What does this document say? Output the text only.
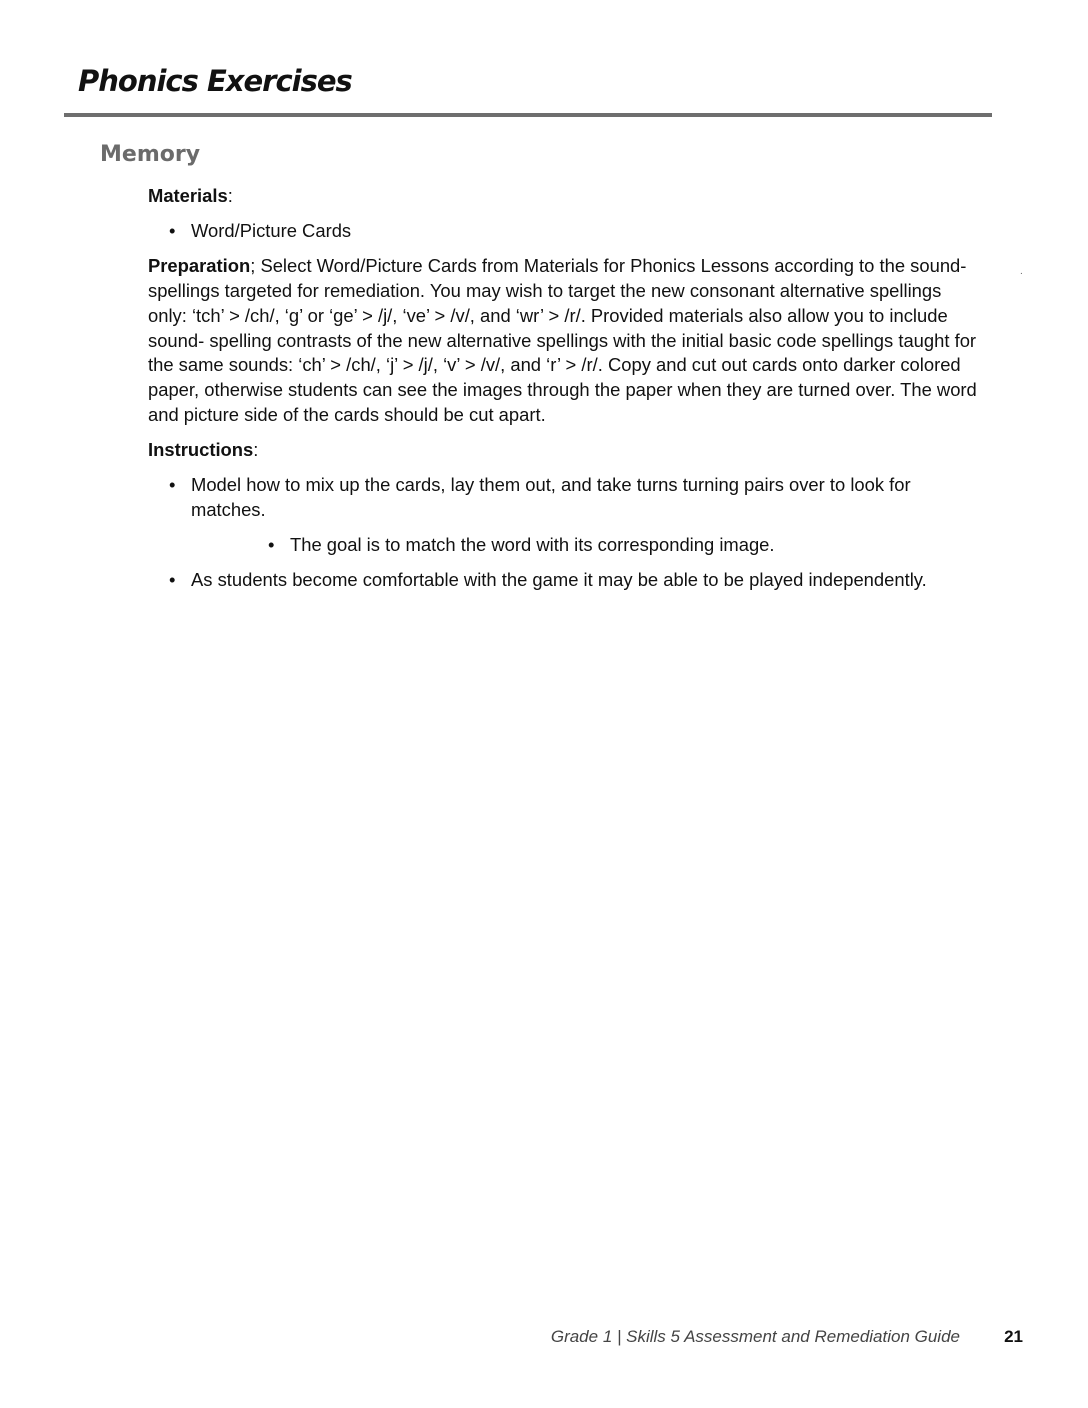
Phonics Exercises
Memory
.

Materials:

• Word/Picture Cards

Preparation; Select Word/Picture Cards from Materials for Phonics Lessons according to the sound-spellings targeted for remediation. You may wish to target the new consonant alternative spellings only: ‘tch’ > /ch/, ‘g’ or ‘ge’ > /j/, ‘ve’ > /v/, and ‘wr’ > /r/. Provided materials also allow you to include sound- spelling contrasts of the new alternative spellings with the initial basic code spellings taught for the same sounds: ‘ch’ > /ch/, ‘j’ > /j/, ‘v’ > /v/, and ‘r’ > /r/. Copy and cut out cards onto darker colored paper, otherwise students can see the images through the paper when they are turned over. The word and picture side of the cards should be cut apart.

Instructions:

• Model how to mix up the cards, lay them out, and take turns turning pairs over to look for matches.
• The goal is to match the word with its corresponding image.
• As students become comfortable with the game it may be able to be played independently.
Grade 1 | Skills 5 Assessment and Remediation Guide	21
